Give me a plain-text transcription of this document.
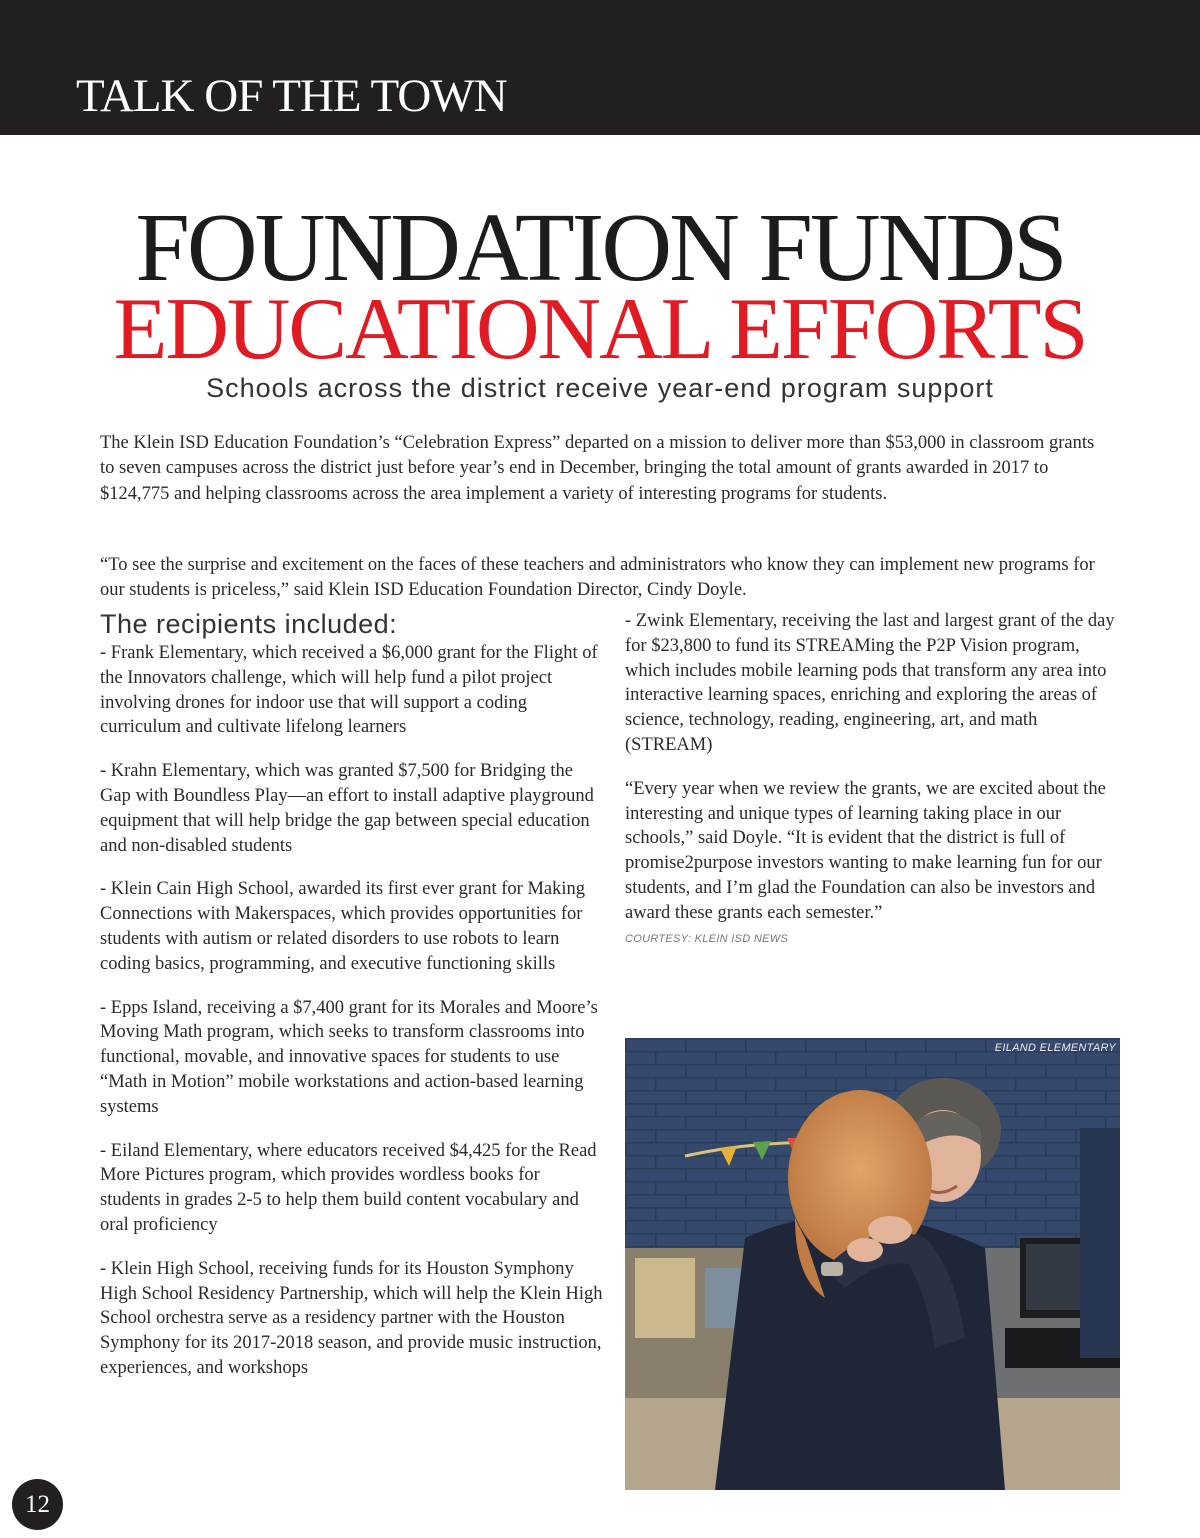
TALK OF THE TOWN
FOUNDATION FUNDS
EDUCATIONAL EFFORTS

Schools across the district receive year-end program support

The Klein ISD Education Foundation’s “Celebration Express” departed on a mission to deliver more than $53,000 in classroom grants to seven campuses across the district just before year’s end in December, bringing the total amount of grants awarded in 2017 to $124,775 and helping classrooms across the area implement a variety of interesting programs for students.

“To see the surprise and excitement on the faces of these teachers and administrators who know they can implement new programs for our students is priceless,” said Klein ISD Education Foundation Director, Cindy Doyle.

The recipients included:

- Frank Elementary, which received a $6,000 grant for the Flight of the Innovators challenge, which will help fund a pilot project involving drones for indoor use that will support a coding curriculum and cultivate lifelong learners

- Krahn Elementary, which was granted $7,500 for Bridging the Gap with Boundless Play—an effort to install adaptive playground equipment that will help bridge the gap between special education and non-disabled students

- Klein Cain High School, awarded its first ever grant for Making Connections with Makerspaces, which provides opportunities for students with autism or related disorders to use robots to learn coding basics, programming, and executive functioning skills

- Epps Island, receiving a $7,400 grant for its Morales and Moore’s Moving Math program, which seeks to transform classrooms into functional, movable, and innovative spaces for students to use “Math in Motion” mobile workstations and action-based learning systems

- Eiland Elementary, where educators received $4,425 for the Read More Pictures program, which provides wordless books for students in grades 2-5 to help them build content vocabulary and oral proficiency

- Klein High School, receiving funds for its Houston Symphony High School Residency Partnership, which will help the Klein High School orchestra serve as a residency partner with the Houston Symphony for its 2017-2018 season, and provide music instruction, experiences, and workshops

- Zwink Elementary, receiving the last and largest grant of the day for $23,800 to fund its STREAMing the P2P Vision program, which includes mobile learning pods that transform any area into interactive learning spaces, enriching and exploring the areas of science, technology, reading, engineering, art, and math (STREAM)

“Every year when we review the grants, we are excited about the interesting and unique types of learning taking place in our schools,” said Doyle. “It is evident that the district is full of promise2purpose investors wanting to make learning fun for our students, and I’m glad the Foundation can also be investors and award these grants each semester.”

COURTESY: KLEIN ISD NEWS

EILAND ELEMENTARY
12
